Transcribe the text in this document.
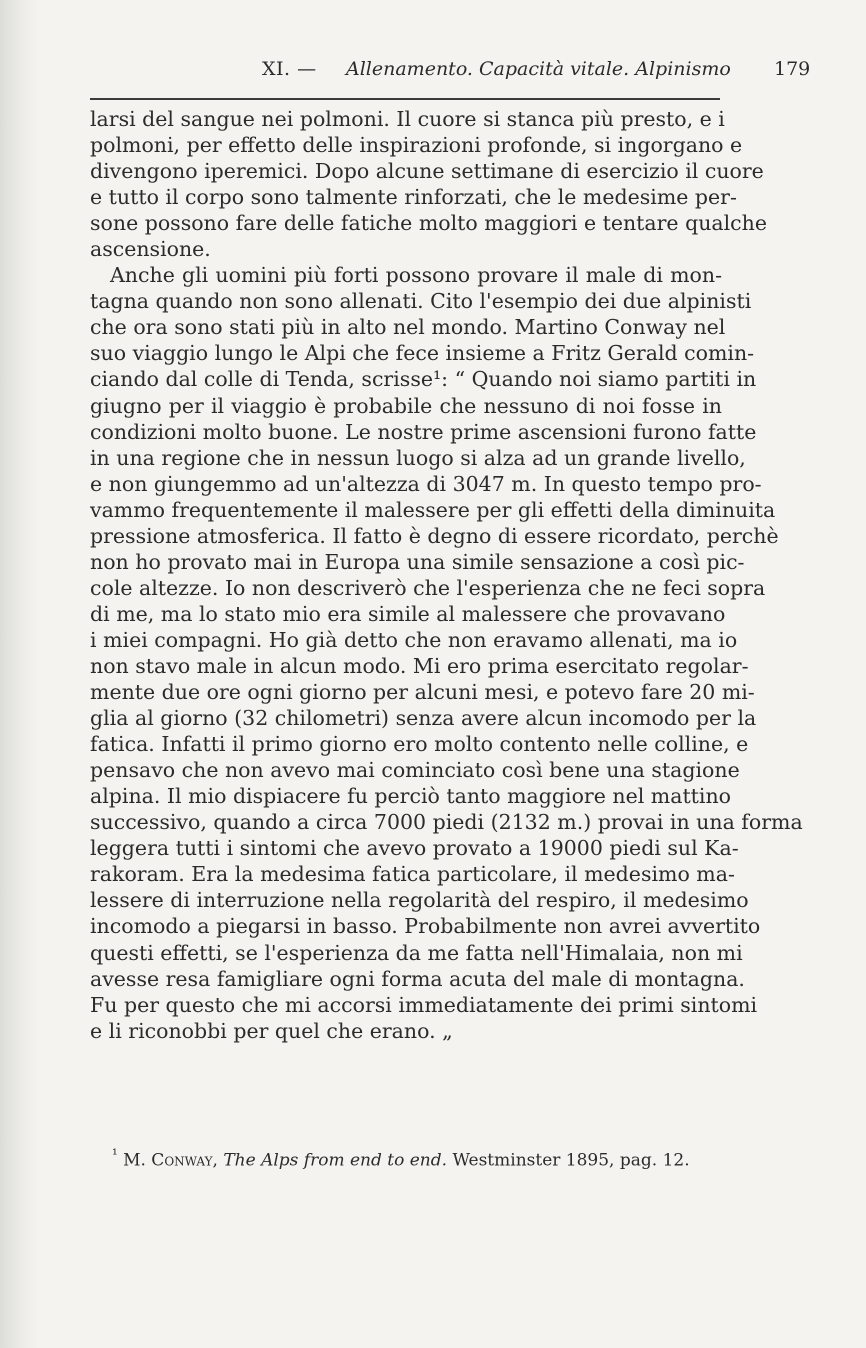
XI. —	Allenamento. Capacità vitale. Alpinismo	179
larsi del sangue nei polmoni. Il cuore si stanca più presto, e i
polmoni, per effetto delle inspirazioni profonde, si ingorgano e
divengono iperemici. Dopo alcune settimane di esercizio il cuore
e tutto il corpo sono talmente rinforzati, che le medesime per-
sone possono fare delle fatiche molto maggiori e tentare qualche
ascensione.
Anche gli uomini più forti possono provare il male di mon-
tagna quando non sono allenati. Cito l'esempio dei due alpinisti
che ora sono stati più in alto nel mondo. Martino Conway nel
suo viaggio lungo le Alpi che fece insieme a Fritz Gerald comin-
ciando dal colle di Tenda, scrisse¹: “ Quando noi siamo partiti in
giugno per il viaggio è probabile che nessuno di noi fosse in
condizioni molto buone. Le nostre prime ascensioni furono fatte
in una regione che in nessun luogo si alza ad un grande livello,
e non giungemmo ad un'altezza di 3047 m. In questo tempo pro-
vammo frequentemente il malessere per gli effetti della diminuita
pressione atmosferica. Il fatto è degno di essere ricordato, perchè
non ho provato mai in Europa una simile sensazione a così pic-
cole altezze. Io non descriverò che l'esperienza che ne feci sopra
di me, ma lo stato mio era simile al malessere che provavano
i miei compagni. Ho già detto che non eravamo allenati, ma io
non stavo male in alcun modo. Mi ero prima esercitato regolar-
mente due ore ogni giorno per alcuni mesi, e potevo fare 20 mi-
glia al giorno (32 chilometri) senza avere alcun incomodo per la
fatica. Infatti il primo giorno ero molto contento nelle colline, e
pensavo che non avevo mai cominciato così bene una stagione
alpina. Il mio dispiacere fu perciò tanto maggiore nel mattino
successivo, quando a circa 7000 piedi (2132 m.) provai in una forma
leggera tutti i sintomi che avevo provato a 19000 piedi sul Ka-
rakoram. Era la medesima fatica particolare, il medesimo ma-
lessere di interruzione nella regolarità del respiro, il medesimo
incomodo a piegarsi in basso. Probabilmente non avrei avvertito
questi effetti, se l'esperienza da me fatta nell'Himalaia, non mi
avesse resa famigliare ogni forma acuta del male di montagna.
Fu per questo che mi accorsi immediatamente dei primi sintomi
e li riconobbi per quel che erano. „
$^{^1}$ M. Conway, The Alps from end to end. Westminster 1895, pag. 12.
